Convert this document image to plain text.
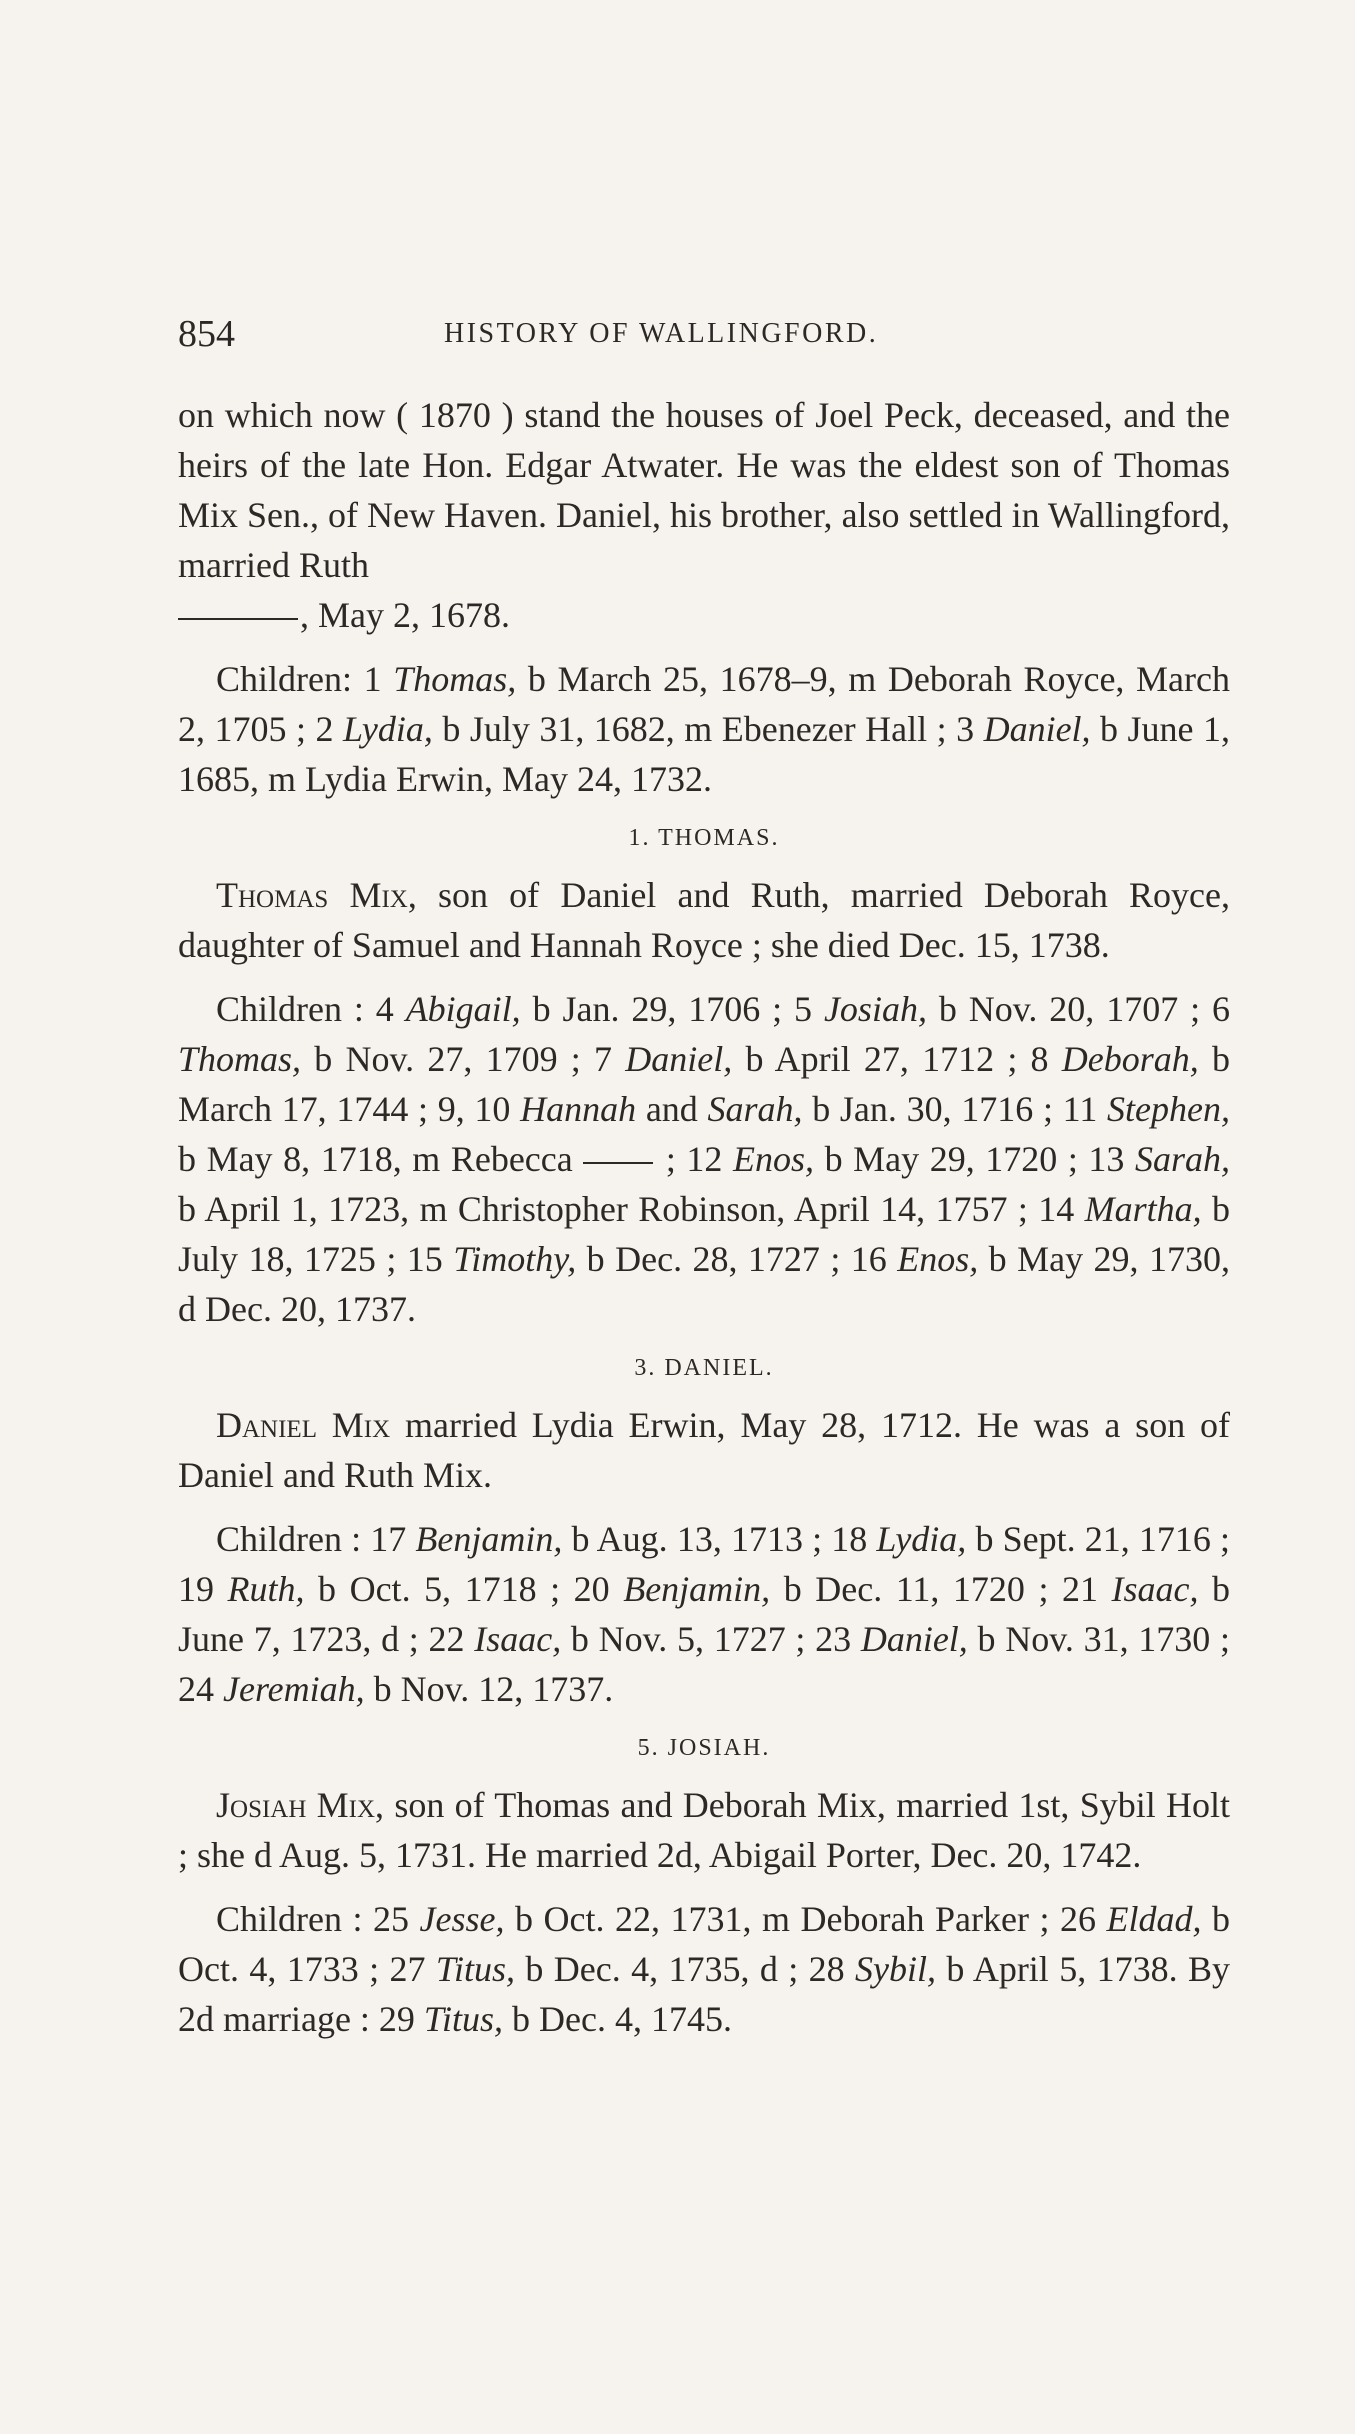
854	HISTORY OF WALLINGFORD.

on which now ( 1870 ) stand the houses of Joel Peck, deceased, and the heirs of the late Hon. Edgar Atwater. He was the eldest son of Thomas Mix Sen., of New Haven. Daniel, his brother, also settled in Wallingford, married Ruth
, May 2, 1678.

Children: 1 Thomas, b March 25, 1678–9, m Deborah Royce, March 2, 1705 ; 2 Lydia, b July 31, 1682, m Ebenezer Hall ; 3 Daniel, b June 1, 1685, m Lydia Erwin, May 24, 1732.

1. THOMAS.

Thomas Mix, son of Daniel and Ruth, married Deborah Royce, daughter of Samuel and Hannah Royce ; she died Dec. 15, 1738.

Children : 4 Abigail, b Jan. 29, 1706 ; 5 Josiah, b Nov. 20, 1707 ; 6 Thomas, b Nov. 27, 1709 ; 7 Daniel, b April 27, 1712 ; 8 Deborah, b March 17, 1744 ; 9, 10 Hannah and Sarah, b Jan. 30, 1716 ; 11 Stephen, b May 8, 1718, m Rebecca  ; 12 Enos, b May 29, 1720 ; 13 Sarah, b April 1, 1723, m Christopher Robinson, April 14, 1757 ; 14 Martha, b July 18, 1725 ; 15 Timothy, b Dec. 28, 1727 ; 16 Enos, b May 29, 1730, d Dec. 20, 1737.

3. DANIEL.

Daniel Mix married Lydia Erwin, May 28, 1712. He was a son of Daniel and Ruth Mix.

Children : 17 Benjamin, b Aug. 13, 1713 ; 18 Lydia, b Sept. 21, 1716 ; 19 Ruth, b Oct. 5, 1718 ; 20 Benjamin, b Dec. 11, 1720 ; 21 Isaac, b June 7, 1723, d ; 22 Isaac, b Nov. 5, 1727 ; 23 Daniel, b Nov. 31, 1730 ; 24 Jeremiah, b Nov. 12, 1737.

5. JOSIAH.

Josiah Mix, son of Thomas and Deborah Mix, married 1st, Sybil Holt ; she d Aug. 5, 1731. He married 2d, Abigail Porter, Dec. 20, 1742.

Children : 25 Jesse, b Oct. 22, 1731, m Deborah Parker ; 26 Eldad, b Oct. 4, 1733 ; 27 Titus, b Dec. 4, 1735, d ; 28 Sybil, b April 5, 1738. By 2d marriage : 29 Titus, b Dec. 4, 1745.
